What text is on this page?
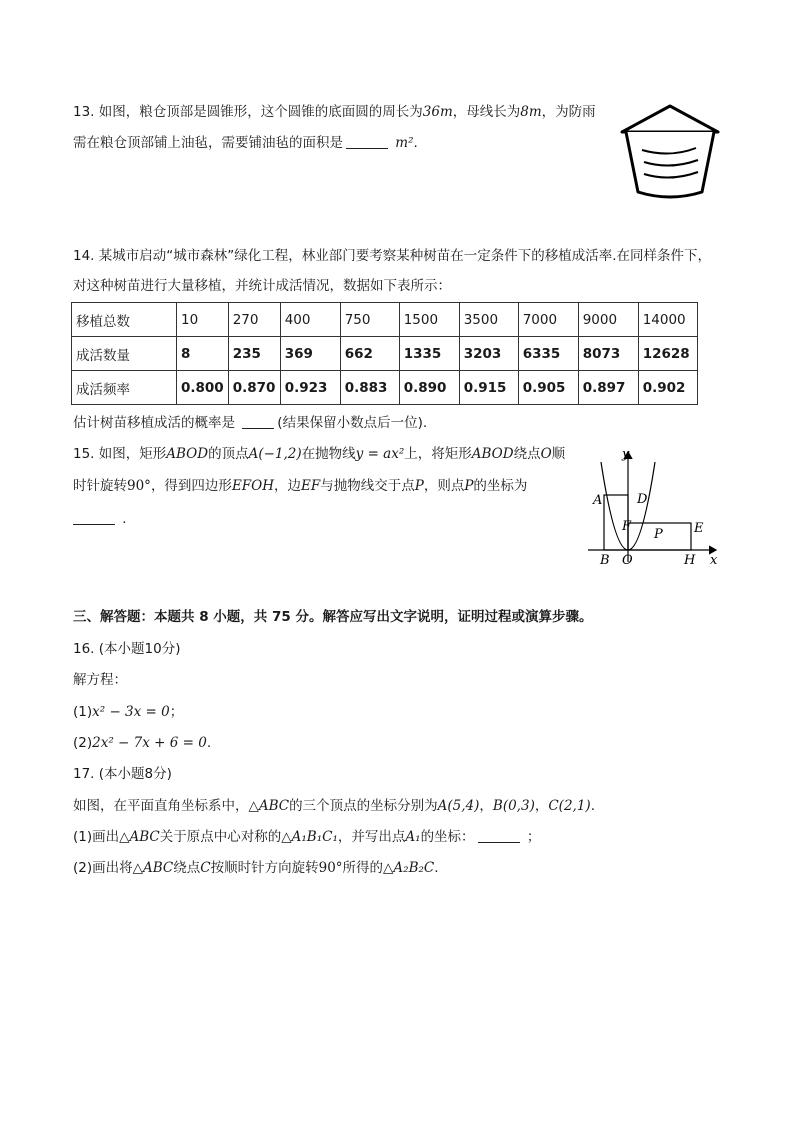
13. 如图，粮仓顶部是圆锥形，这个圆锥的底面圆的周长为36m，母线长为8m，为防雨
需在粮仓顶部铺上油毡，需要铺油毡的面积是	m².
14. 某城市启动“城市森林”绿化工程，林业部门要考察某种树苗在一定条件下的移植成活率.在同样条件下，
对这种树苗进行大量移植，并统计成活情况，数据如下表所示：
移植总数	10	270	400	750	1500	3500	7000	9000	14000
成活数量	8	235	369	662	1335	3203	6335	8073	12628
成活频率	0.800	0.870	0.923	0.883	0.890	0.915	0.905	0.897	0.902
估计树苗移植成活的概率是	(结果保留小数点后一位).
15. 如图，矩形ABOD的顶点A(−1,2)在抛物线y = ax²上，将矩形ABOD绕点O顺
时针旋转90°，得到四边形EFOH，边EF与抛物线交于点P，则点P的坐标为
.
y
x
A	D
F
P E
B O	H
三、解答题：本题共 8 小题，共 75 分。解答应写出文字说明，证明过程或演算步骤。
16. (本小题10分)
解方程：
(1)x² − 3x = 0；
(2)2x² − 7x + 6 = 0.
17. (本小题8分)
如图，在平面直角坐标系中，△ABC的三个顶点的坐标分别为A(5,4)，B(0,3)，C(2,1).
(1)画出△ABC关于原点中心对称的△A₁B₁C₁，并写出点A₁的坐标：	；
(2)画出将△ABC绕点C按顺时针方向旋转90°所得的△A₂B₂C.
